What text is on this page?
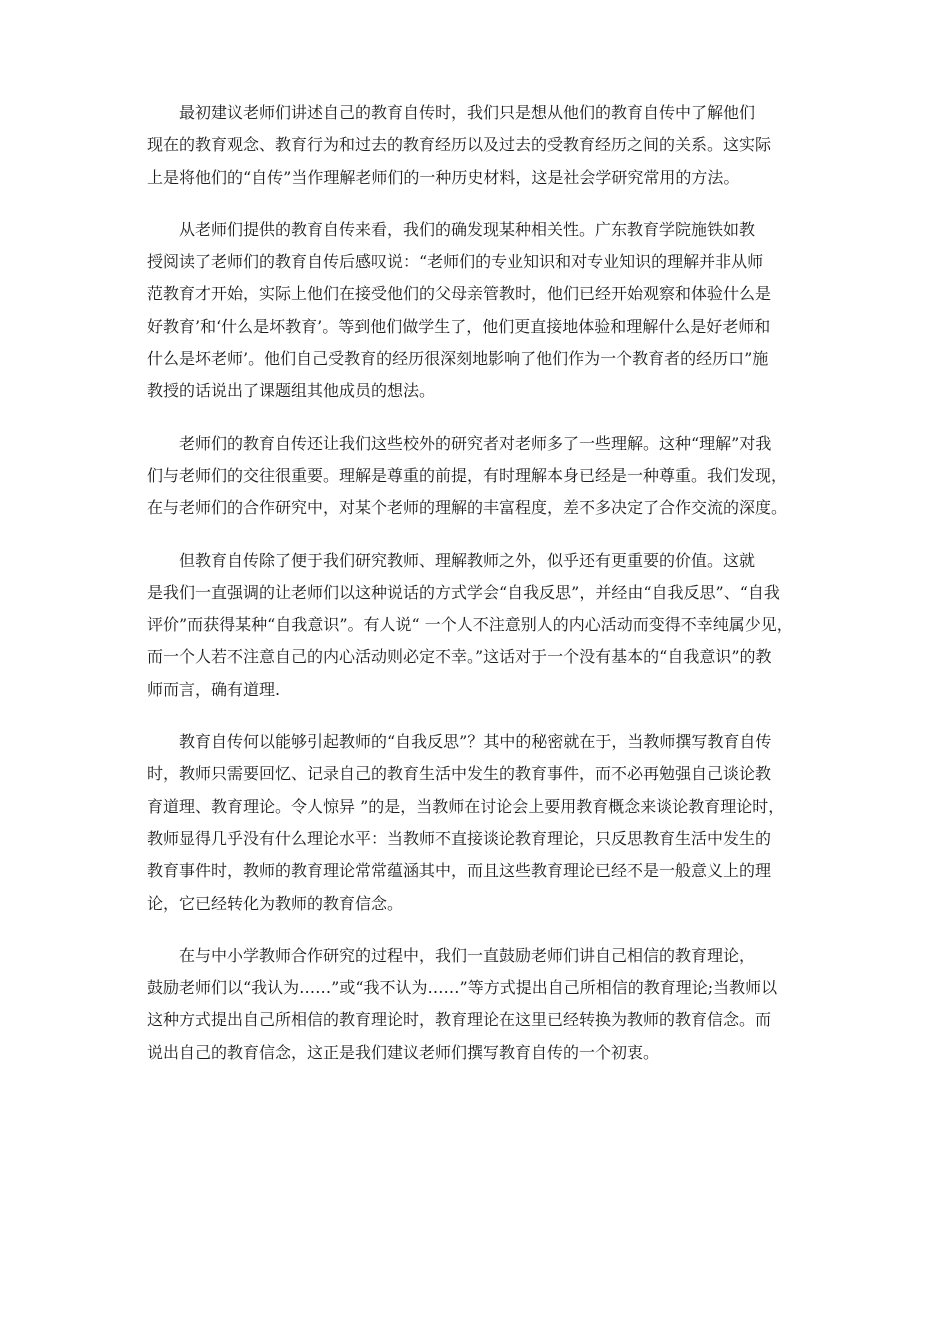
　　最初建议老师们讲述自己的教育自传时，我们只是想从他们的教育自传中了解他们
现在的教育观念、教育行为和过去的教育经历以及过去的受教育经历之间的关系。这实际
上是将他们的“自传”当作理解老师们的一种历史材料，这是社会学研究常用的方法。
　　从老师们提供的教育自传来看，我们的确发现某种相关性。广东教育学院施铁如教
授阅读了老师们的教育自传后感叹说：“老师们的专业知识和对专业知识的理解并非从师
范教育才开始，实际上他们在接受他们的父母亲管教时，他们已经开始观察和体验什么是
好教育’和‘什么是坏教育’。等到他们做学生了，他们更直接地体验和理解什么是好老师和
什么是坏老师’。他们自己受教育的经历很深刻地影响了他们作为一个教育者的经历口”施
教授的话说出了课题组其他成员的想法。
　　老师们的教育自传还让我们这些校外的研究者对老师多了一些理解。这种“理解”对我
们与老师们的交往很重要。理解是尊重的前提，有时理解本身已经是一种尊重。我们发现，
在与老师们的合作研究中，对某个老师的理解的丰富程度，差不多决定了合作交流的深度。
　　但教育自传除了便于我们研究教师、理解教师之外，似乎还有更重要的价值。这就
是我们一直强调的让老师们以这种说话的方式学会“自我反思”，并经由“自我反思”、“自我
评价”而获得某种“自我意识”。有人说“ 一个人不注意别人的内心活动而变得不幸纯属少见，
而一个人若不注意自己的内心活动则必定不幸。”这话对于一个没有基本的“自我意识”的教
师而言，确有道理.
　　教育自传何以能够引起教师的“自我反思”？其中的秘密就在于，当教师撰写教育自传
时，教师只需要回忆、记录自己的教育生活中发生的教育事件，而不必再勉强自己谈论教
育道理、教育理论。令人惊异 ”的是，当教师在讨论会上要用教育概念来谈论教育理论时，
教师显得几乎没有什么理论水平：当教师不直接谈论教育理论，只反思教育生活中发生的
教育事件时，教师的教育理论常常蕴涵其中，而且这些教育理论已经不是一般意义上的理
论，它已经转化为教师的教育信念。
　　在与中小学教师合作研究的过程中，我们一直鼓励老师们讲自己相信的教育理论，
鼓励老师们以“我认为……”或“我不认为……”等方式提出自己所相信的教育理论;当教师以
这种方式提出自己所相信的教育理论时，教育理论在这里已经转换为教师的教育信念。而
说出自己的教育信念，这正是我们建议老师们撰写教育自传的一个初衷。
